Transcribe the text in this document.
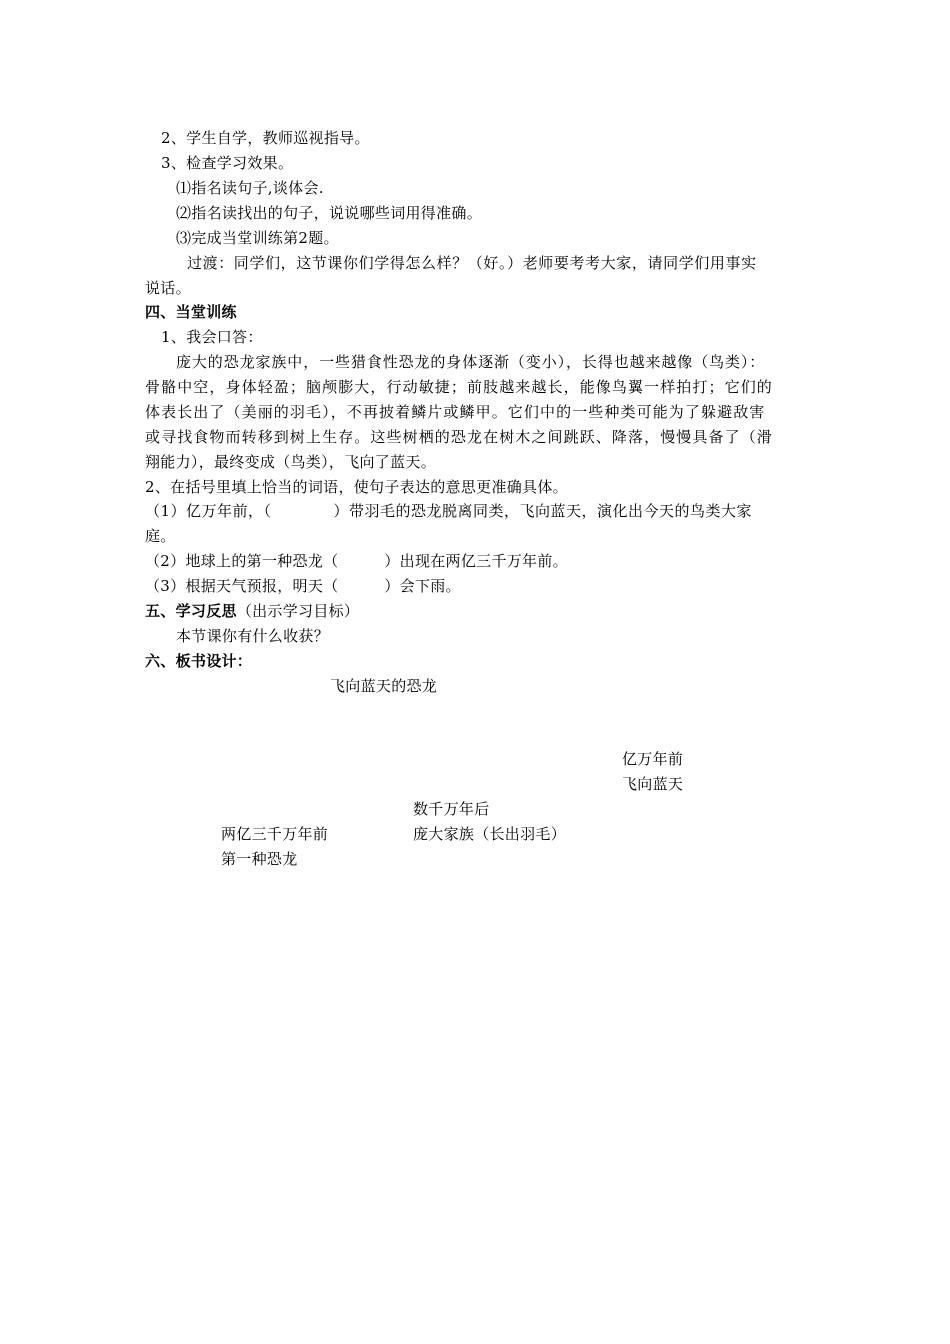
2、学生自学，教师巡视指导。
3、检查学习效果。
⑴指名读句子,谈体会.
⑵指名读找出的句子，说说哪些词用得准确。
⑶完成当堂训练第2题。
过渡：同学们，这节课你们学得怎么样？（好。）老师要考考大家，请同学们用事实
说话。
四、当堂训练
1、我会口答：
庞大的恐龙家族中，一些猎食性恐龙的身体逐渐（变小），长得也越来越像（鸟类）：
骨骼中空，身体轻盈；脑颅膨大，行动敏捷；前肢越来越长，能像鸟翼一样拍打；它们的
体表长出了（美丽的羽毛），不再披着鳞片或鳞甲。它们中的一些种类可能为了躲避敌害
或寻找食物而转移到树上生存。这些树栖的恐龙在树木之间跳跃、降落，慢慢具备了（滑
翔能力），最终变成（鸟类），飞向了蓝天。
2、在括号里填上恰当的词语，使句子表达的意思更准确具体。
（1）亿万年前，（　　　　）带羽毛的恐龙脱离同类，飞向蓝天，演化出今天的鸟类大家
庭。
（2）地球上的第一种恐龙（　　　）出现在两亿三千万年前。
（3）根据天气预报，明天（　　　）会下雨。
五、学习反思（出示学习目标）
本节课你有什么收获？
六、板书设计：
飞向蓝天的恐龙
亿万年前
飞向蓝天
数千万年后
庞大家族（长出羽毛）
两亿三千万年前
第一种恐龙
